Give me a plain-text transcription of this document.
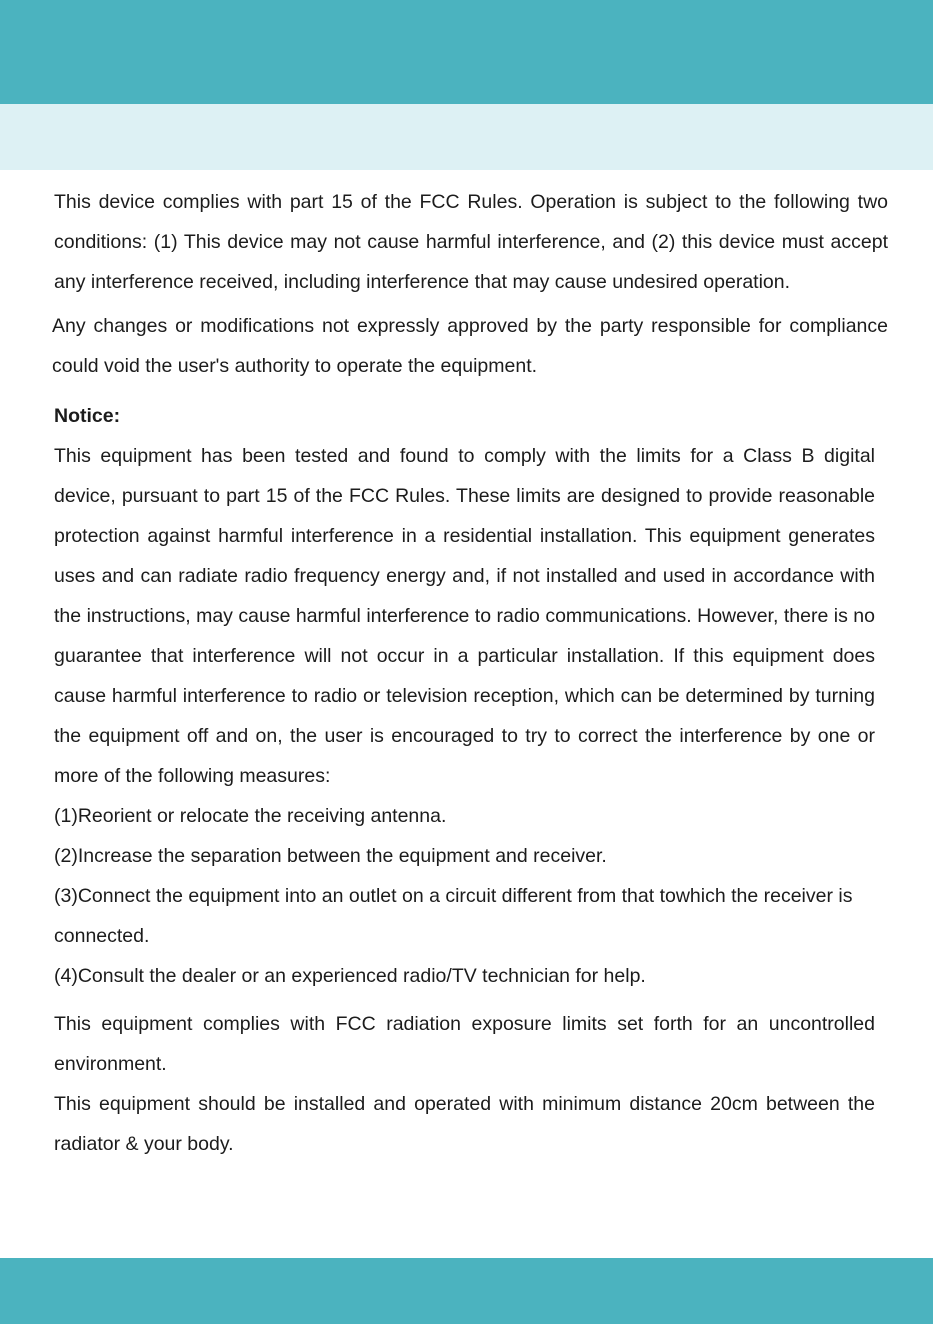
This device complies with part 15 of the FCC Rules. Operation is subject to the following two conditions: (1) This device may not cause harmful interference, and (2) this device must accept any interference received, including interference that may cause undesired operation.

Any changes or modifications not expressly approved by the party responsible for compliance could void the user's authority to operate the equipment.

Notice:

This equipment has been tested and found to comply with the limits for a Class B digital device, pursuant to part 15 of the FCC Rules. These limits are designed to provide reasonable protection against harmful interference in a residential installation. This equipment generates uses and can radiate radio frequency energy and, if not installed and used in accordance with the instructions, may cause harmful interference to radio communications. However, there is no guarantee that interference will not occur in a particular installation. If this equipment does cause harmful interference to radio or television reception, which can be determined by turning the equipment off and on, the user is encouraged to try to correct the interference by one or more of the following measures:

(1)Reorient or relocate the receiving antenna.

(2)Increase the separation between the equipment and receiver.

(3)Connect the equipment into an outlet on a circuit different from that towhich the receiver is connected.

(4)Consult the dealer or an experienced radio/TV technician for help.

This equipment complies with FCC radiation exposure limits set forth for an uncontrolled environment.

This equipment should be installed and operated with minimum distance 20cm between the radiator & your body.
